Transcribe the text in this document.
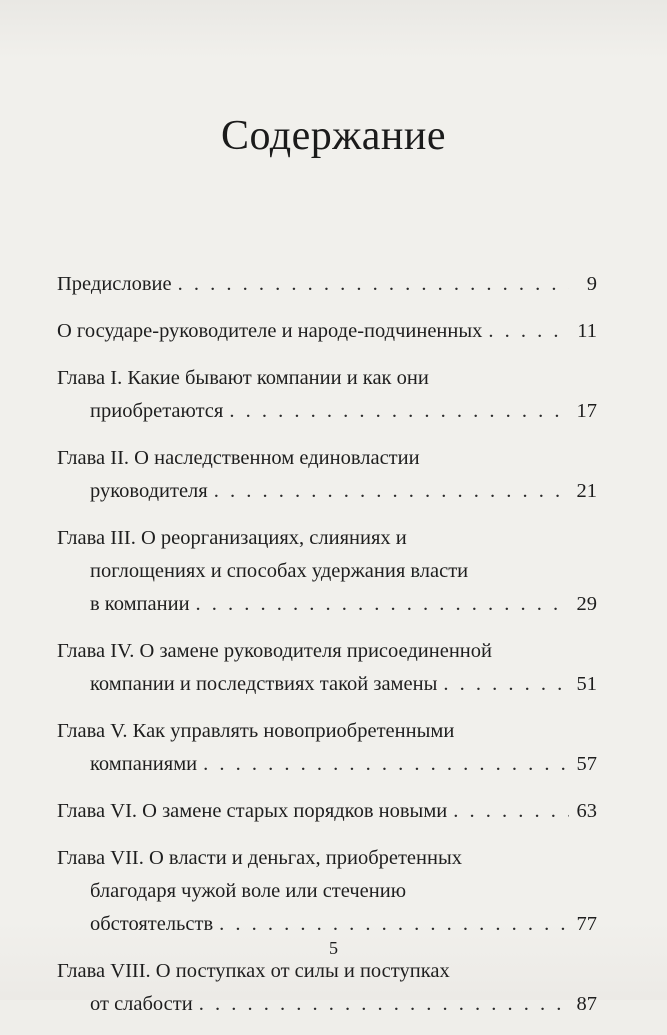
Содержание
Предисловие . . .	9
О государе-руководителе и народе-подчиненных . . .	11
Глава I. Какие бывают компании и как они
приобретаются . . .	17
Глава II. О наследственном единовластии
руководителя . . .	21
Глава III. О реорганизациях, слияниях и
поглощениях и способах удержания власти
в компании . . .	29
Глава IV. О замене руководителя присоединенной
компании и последствиях такой замены . . .	51
Глава V. Как управлять новоприобретенными
компаниями . . .	57
Глава VI. О замене старых порядков новыми . . .	63
Глава VII. О власти и деньгах, приобретенных
благодаря чужой воле или стечению
обстоятельств . . .	77
Глава VIII. О поступках от силы и поступках
от слабости . . .	87
5
